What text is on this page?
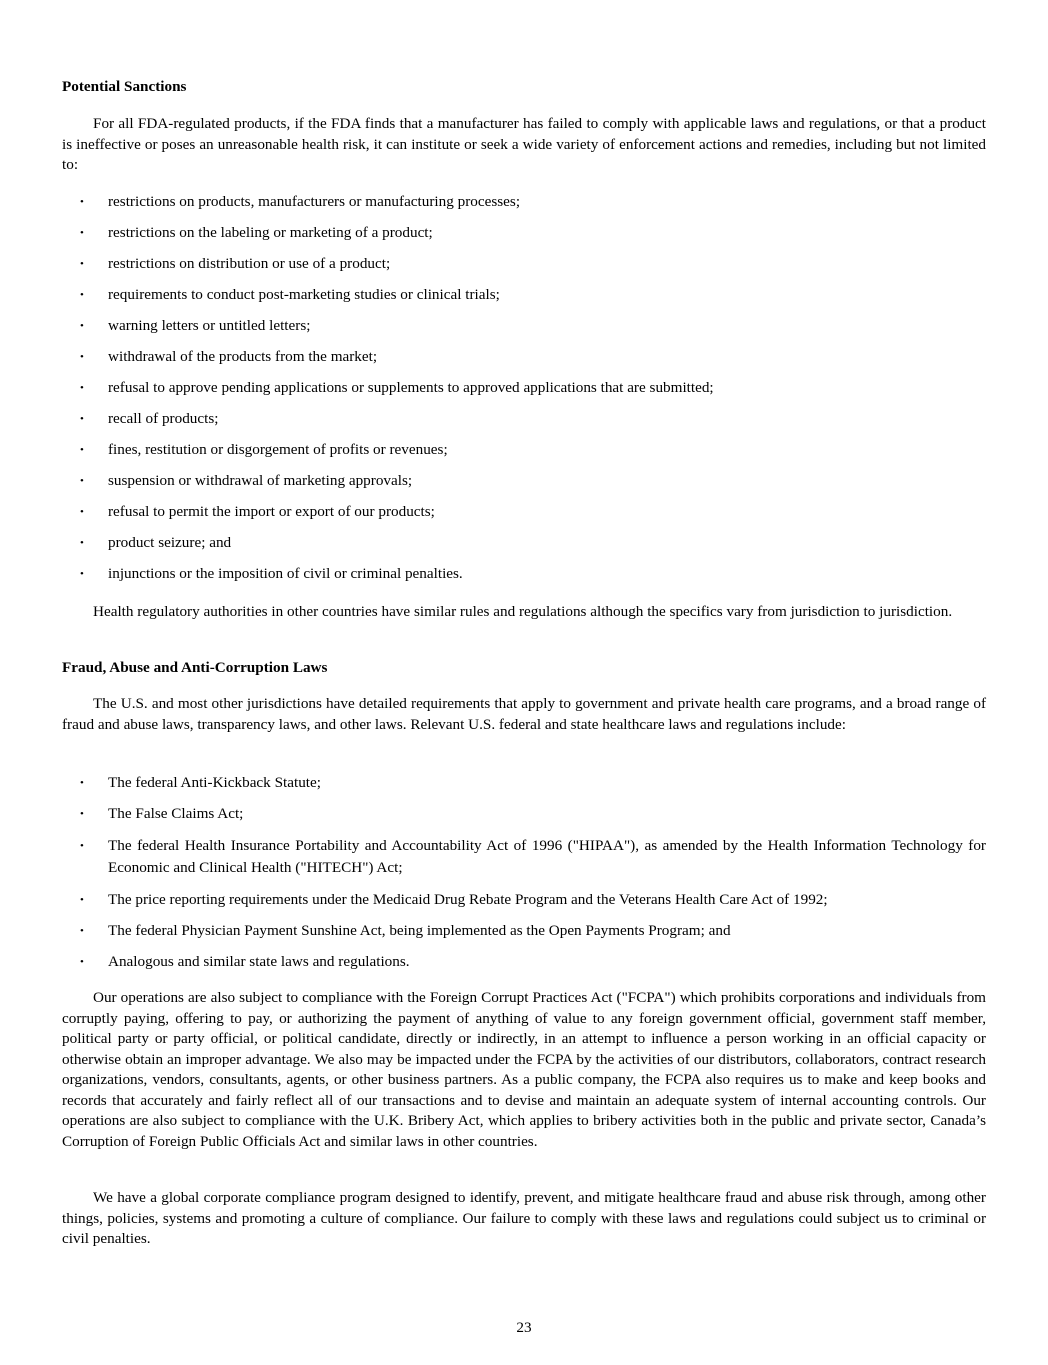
Potential Sanctions

For all FDA-regulated products, if the FDA finds that a manufacturer has failed to comply with applicable laws and regulations, or that a product is ineffective or poses an unreasonable health risk, it can institute or seek a wide variety of enforcement actions and remedies, including but not limited to:

• restrictions on products, manufacturers or manufacturing processes;
• restrictions on the labeling or marketing of a product;
• restrictions on distribution or use of a product;
• requirements to conduct post-marketing studies or clinical trials;
• warning letters or untitled letters;
• withdrawal of the products from the market;
• refusal to approve pending applications or supplements to approved applications that are submitted;
• recall of products;
• fines, restitution or disgorgement of profits or revenues;
• suspension or withdrawal of marketing approvals;
• refusal to permit the import or export of our products;
• product seizure; and
• injunctions or the imposition of civil or criminal penalties.

Health regulatory authorities in other countries have similar rules and regulations although the specifics vary from jurisdiction to jurisdiction.

Fraud, Abuse and Anti-Corruption Laws

The U.S. and most other jurisdictions have detailed requirements that apply to government and private health care programs, and a broad range of fraud and abuse laws, transparency laws, and other laws. Relevant U.S. federal and state healthcare laws and regulations include:

• The federal Anti-Kickback Statute;
• The False Claims Act;
• The federal Health Insurance Portability and Accountability Act of 1996 ("HIPAA"), as amended by the Health Information Technology for Economic and Clinical Health ("HITECH") Act;
• The price reporting requirements under the Medicaid Drug Rebate Program and the Veterans Health Care Act of 1992;
• The federal Physician Payment Sunshine Act, being implemented as the Open Payments Program; and
• Analogous and similar state laws and regulations.

Our operations are also subject to compliance with the Foreign Corrupt Practices Act ("FCPA") which prohibits corporations and individuals from corruptly paying, offering to pay, or authorizing the payment of anything of value to any foreign government official, government staff member, political party or party official, or political candidate, directly or indirectly, in an attempt to influence a person working in an official capacity or otherwise obtain an improper advantage. We also may be impacted under the FCPA by the activities of our distributors, collaborators, contract research organizations, vendors, consultants, agents, or other business partners. As a public company, the FCPA also requires us to make and keep books and records that accurately and fairly reflect all of our transactions and to devise and maintain an adequate system of internal accounting controls. Our operations are also subject to compliance with the U.K. Bribery Act, which applies to bribery activities both in the public and private sector, Canada’s Corruption of Foreign Public Officials Act and similar laws in other countries.

We have a global corporate compliance program designed to identify, prevent, and mitigate healthcare fraud and abuse risk through, among other things, policies, systems and promoting a culture of compliance. Our failure to comply with these laws and regulations could subject us to criminal or civil penalties.

23
